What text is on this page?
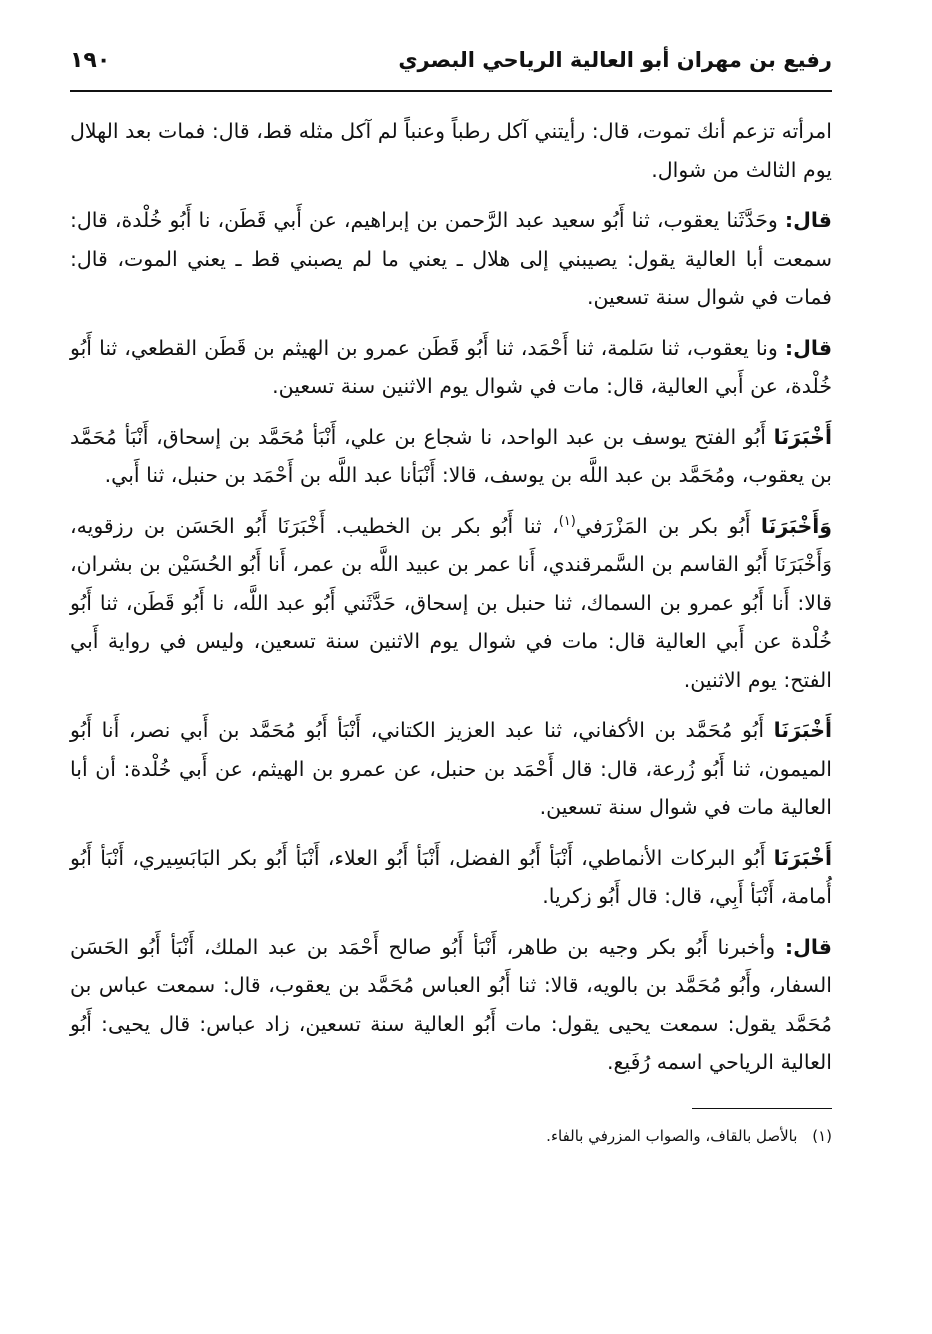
رفيع بن مهران أبو العالية الرياحي البصري
١٩٠

امرأته تزعم أنك تموت، قال: رأيتني آكل رطباً وعنباً لم آكل مثله قط، قال: فمات بعد الهلال يوم الثالث من شوال.

قال: وحَدَّثَنا يعقوب، ثنا أَبُو سعيد عبد الرَّحمن بن إبراهيم، عن أَبي قَطَن، نا أَبُو خُلْدة، قال: سمعت أبا العالية يقول: يصيبني إلى هلال ـ يعني ما لم يصبني قط ـ يعني الموت، قال: فمات في شوال سنة تسعين.

قال: ونا يعقوب، ثنا سَلمة، ثنا أَحْمَد، ثنا أَبُو قَطَن عمرو بن الهيثم بن قَطَن القطعي، ثنا أَبُو خُلْدة، عن أَبي العالية، قال: مات في شوال يوم الاثنين سنة تسعين.

أَخْبَرَنَا أَبُو الفتح يوسف بن عبد الواحد، نا شجاع بن علي، أَنْبَأ مُحَمَّد بن إسحاق، أَنْبَأ مُحَمَّد بن يعقوب، ومُحَمَّد بن عبد اللَّه بن يوسف، قالا: أَنْبَأنا عبد اللَّه بن أَحْمَد بن حنبل، ثنا أَبي.

وَأَخْبَرَنَا أَبُو بكر بن المَزْرَفي$^{(١)}$، ثنا أَبُو بكر بن الخطيب. أَخْبَرَنَا أَبُو الحَسَن بن رزقويه، وَأَخْبَرَنَا أَبُو القاسم بن السَّمرقندي، أَنا عمر بن عبيد اللَّه بن عمر، أَنا أَبُو الحُسَيْن بن بشران، قالا: أَنا أَبُو عمرو بن السماك، ثنا حنبل بن إسحاق، حَدَّثَني أَبُو عبد اللَّه، نا أَبُو قَطَن، ثنا أَبُو خُلْدة عن أَبي العالية قال: مات في شوال يوم الاثنين سنة تسعين، وليس في رواية أَبي الفتح: يوم الاثنين.

أَخْبَرَنَا أَبُو مُحَمَّد بن الأكفاني، ثنا عبد العزيز الكتاني، أَنْبَأ أَبُو مُحَمَّد بن أَبي نصر، أَنا أَبُو الميمون، ثنا أَبُو زُرعة، قال: قال أَحْمَد بن حنبل، عن عمرو بن الهيثم، عن أَبي خُلْدة: أن أبا العالية مات في شوال سنة تسعين.

أَخْبَرَنَا أَبُو البركات الأنماطي، أَنْبَأ أَبُو الفضل، أَنْبَأ أَبُو العلاء، أَنْبَأ أَبُو بكر البَابَسِيري، أَنْبَأ أَبُو أُمامة، أَنْبَأ أَبِي، قال: قال أَبُو زكريا.

قال: وأخبرنا أَبُو بكر وجيه بن طاهر، أَنْبَأ أَبُو صالح أَحْمَد بن عبد الملك، أَنْبَأ أَبُو الحَسَن السفار، وأَبُو مُحَمَّد بن بالويه، قالا: ثنا أَبُو العباس مُحَمَّد بن يعقوب، قال: سمعت عباس بن مُحَمَّد يقول: سمعت يحيى يقول: مات أَبُو العالية سنة تسعين، زاد عباس: قال يحيى: أَبُو العالية الرياحي اسمه رُفَيع.

(١) بالأصل بالقاف، والصواب المزرفي بالفاء.
